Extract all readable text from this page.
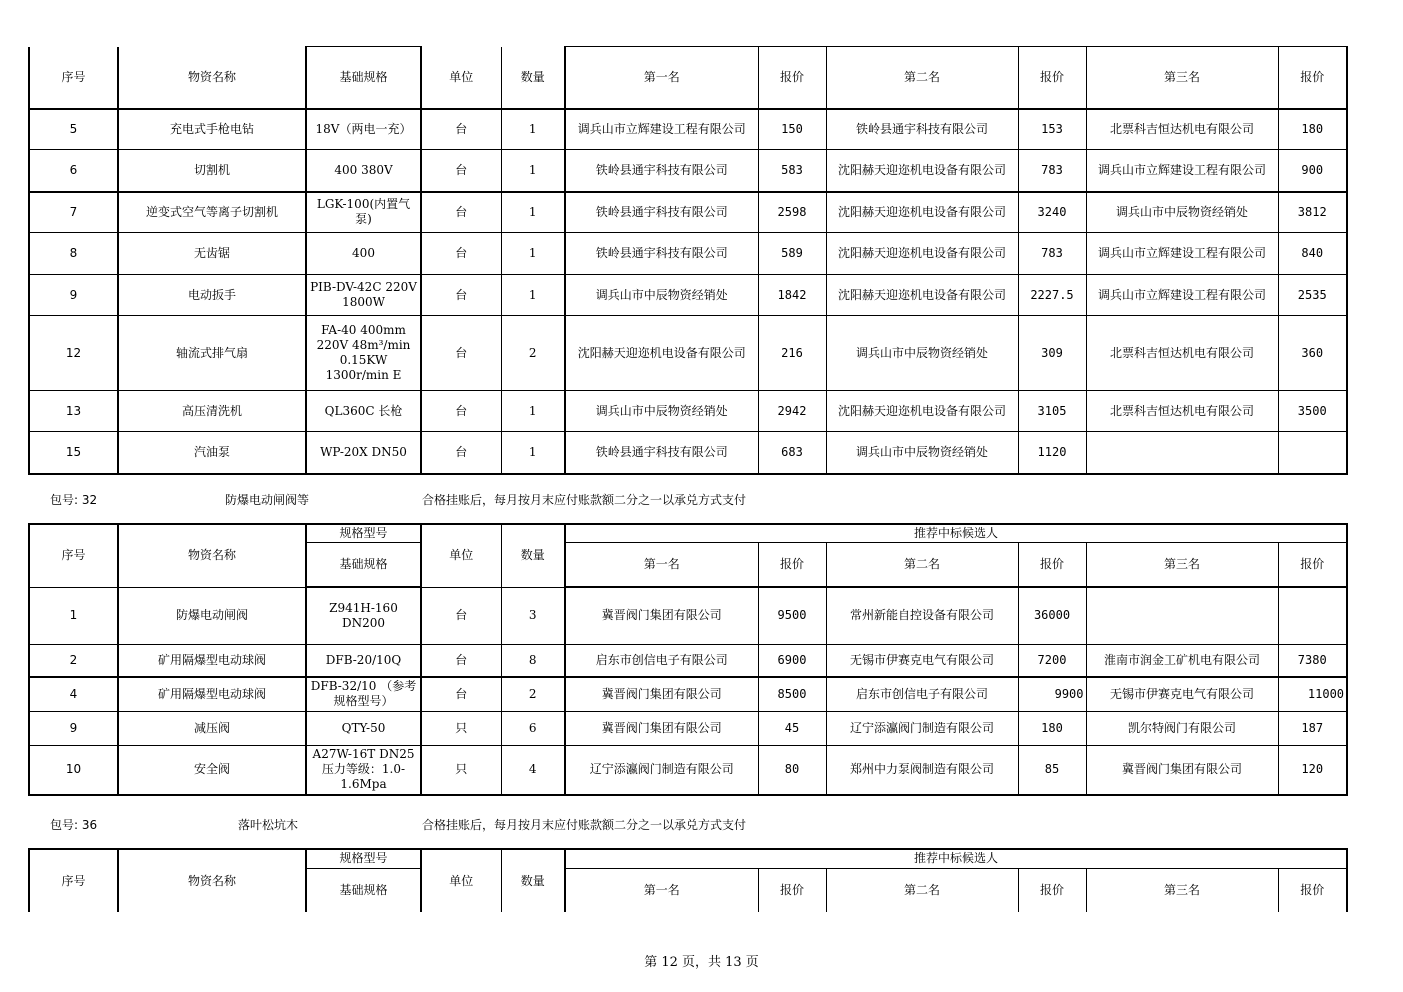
序号	物资名称	基础规格	单位	数量	第一名	报价	第二名	报价	第三名	报价
5	充电式手枪电钻	18V（两电一充）	台	1	调兵山市立辉建设工程有限公司	150	铁岭县通宇科技有限公司	153	北票科吉恒达机电有限公司	180
6	切割机	400 380V	台	1	铁岭县通宇科技有限公司	583	沈阳赫天迎迩机电设备有限公司	783	调兵山市立辉建设工程有限公司	900
7	逆变式空气等离子切割机	LGK-100(内置气泵)	台	1	铁岭县通宇科技有限公司	2598	沈阳赫天迎迩机电设备有限公司	3240	调兵山市中辰物资经销处	3812
8	无齿锯	400	台	1	铁岭县通宇科技有限公司	589	沈阳赫天迎迩机电设备有限公司	783	调兵山市立辉建设工程有限公司	840
9	电动扳手	PIB-DV-42C 220V 1800W	台	1	调兵山市中辰物资经销处	1842	沈阳赫天迎迩机电设备有限公司	2227.5	调兵山市立辉建设工程有限公司	2535
12	轴流式排气扇	FA-40 400mm 220V 48m³/min 0.15KW 1300r/min E	台	2	沈阳赫天迎迩机电设备有限公司	216	调兵山市中辰物资经销处	309	北票科吉恒达机电有限公司	360
13	高压清洗机	QL360C 长枪	台	1	调兵山市中辰物资经销处	2942	沈阳赫天迎迩机电设备有限公司	3105	北票科吉恒达机电有限公司	3500
15	汽油泵	WP-20X DN50	台	1	铁岭县通宇科技有限公司	683	调兵山市中辰物资经销处	1120		
包号: 32	防爆电动闸阀等	合格挂账后，每月按月末应付账款额二分之一以承兑方式支付
序号	物资名称	规格型号	单位	数量	推荐中标候选人					
		基础规格			第一名	报价	第二名	报价	第三名	报价
1	防爆电动闸阀	Z941H-160 DN200	台	3	冀晋阀门集团有限公司	9500	常州新能自控设备有限公司	36000		
2	矿用隔爆型电动球阀	DFB-20/10Q	台	8	启东市创信电子有限公司	6900	无锡市伊赛克电气有限公司	7200	淮南市润金工矿机电有限公司	7380
4	矿用隔爆型电动球阀	DFB-32/10 （参考规格型号）	台	2	冀晋阀门集团有限公司	8500	启东市创信电子有限公司	9900	无锡市伊赛克电气有限公司	11000
9	减压阀	QTY-50	只	6	冀晋阀门集团有限公司	45	辽宁添瀛阀门制造有限公司	180	凯尔特阀门有限公司	187
10	安全阀	A27W-16T DN25 压力等级：1.0-1.6Mpa	只	4	辽宁添瀛阀门制造有限公司	80	郑州中力泵阀制造有限公司	85	冀晋阀门集团有限公司	120
包号: 36	落叶松坑木	合格挂账后，每月按月末应付账款额二分之一以承兑方式支付
序号	物资名称	规格型号	单位	数量	推荐中标候选人					
		基础规格			第一名	报价	第二名	报价	第三名	报价
第 12 页，共 13 页
